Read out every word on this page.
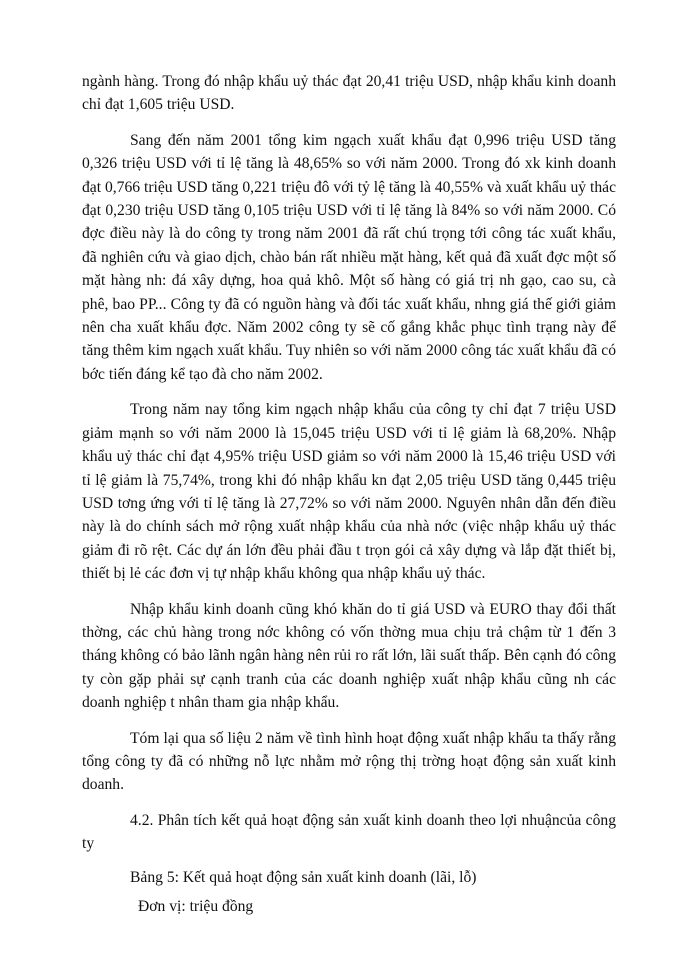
ngành hàng. Trong đó nhập khẩu uỷ thác đạt 20,41 triệu USD, nhập khẩu kinh doanh chỉ đạt 1,605 triệu USD.

Sang đến năm 2001 tổng kim ngạch xuất khẩu đạt 0,996 triệu USD tăng 0,326 triệu USD với tỉ lệ tăng là 48,65% so với năm 2000. Trong đó xk kinh doanh đạt 0,766 triệu USD tăng 0,221 triệu đô với tỷ lệ tăng là 40,55% và xuất khẩu uỷ thác đạt 0,230 triệu USD tăng 0,105 triệu USD với tỉ lệ tăng là 84% so với năm 2000. Có đợc điều này là do công ty trong năm 2001 đã rất chú trọng tới công tác xuất khẩu, đã nghiên cứu và giao dịch, chào bán rất nhiều mặt hàng, kết quả đã xuất đợc một số mặt hàng nh: đá xây dựng, hoa quả khô. Một số hàng có giá trị nh gạo, cao su, cà phê, bao PP... Công ty đã có nguồn hàng và đối tác xuất khẩu, nhng giá thế giới giảm nên cha xuất khẩu đợc. Năm 2002 công ty sẽ cố gắng khắc phục tình trạng này để tăng thêm kim ngạch xuất khẩu. Tuy nhiên so với năm 2000 công tác xuất khẩu đã có bớc tiến đáng kể tạo đà cho năm 2002.

Trong năm nay tổng kim ngạch nhập khẩu của công ty chỉ đạt 7 triệu USD giảm mạnh so với năm 2000 là 15,045 triệu USD với tỉ lệ giảm là 68,20%. Nhập khẩu uỷ thác chỉ đạt 4,95% triệu USD giảm so với năm 2000 là 15,46 triệu USD với tỉ lệ giảm là 75,74%, trong khi đó nhập khẩu kn đạt 2,05 triệu USD tăng 0,445 triệu USD tơng ứng với tỉ lệ tăng là 27,72% so với năm 2000. Nguyên nhân dẫn đến điều này là do chính sách mở rộng xuất nhập khẩu của nhà nớc (việc nhập khẩu uỷ thác giảm đi rõ rệt. Các dự án lớn đều phải đầu t trọn gói cả xây dựng và lắp đặt thiết bị, thiết bị lẻ các đơn vị tự nhập khẩu không qua nhập khẩu uỷ thác.

Nhập khẩu kinh doanh cũng khó khăn do tỉ giá USD và EURO thay đổi thất thờng, các chủ hàng trong nớc không có vốn thờng mua chịu trả chậm từ 1 đến 3 tháng không có bảo lãnh ngân hàng nên rủi ro rất lớn, lãi suất thấp. Bên cạnh đó công ty còn gặp phải sự cạnh tranh của các doanh nghiệp xuất nhập khẩu cũng nh các doanh nghiệp t nhân tham gia nhập khẩu.

Tóm lại qua số liệu 2 năm về tình hình hoạt động xuất nhập khẩu ta thấy rằng tổng công ty đã có những nỗ lực nhằm mở rộng thị trờng hoạt động sản xuất kinh doanh.

4.2. Phân tích kết quả hoạt động sản xuất kinh doanh theo lợi nhuậncủa công ty

Bảng 5: Kết quả hoạt động sản xuất kinh doanh (lãi, lỗ)

Đơn vị: triệu đồng
